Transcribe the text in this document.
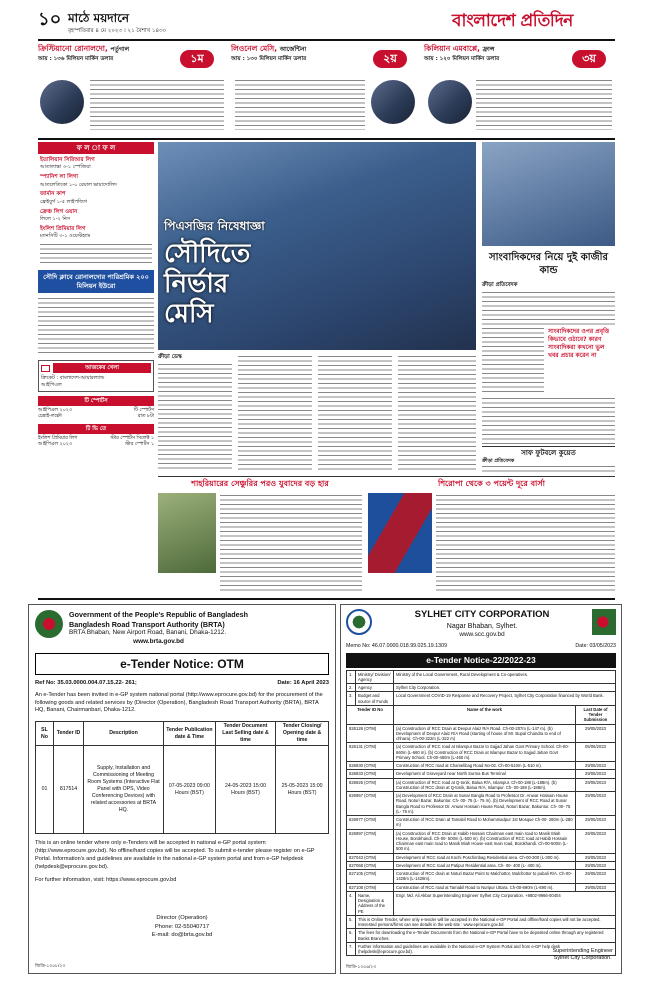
১০ মাঠে ময়দানে
বৃহস্পতিবার ৪ মে ২০২৩ । ২১ বৈশাখ ১৪৩০	বাংলাদেশ প্রতিদিন
ক্রিস্টিয়ানো রোনালদো, পর্তুগাল
আয় : ১৩৬ মিলিয়ন মার্কিন ডলার	১ম
লিওনেল মেসি, আর্জেন্টিনা
আয় : ১৩০ মিলিয়ন মার্কিন ডলার	২য়
কিলিয়ান এমবাপ্পে, ফ্রান্স
আয় : ১২০ মিলিয়ন মার্কিন ডলার	৩য়
ফ ল া ফ ল
ইতালিয়ান সিরিআর লিগ
আতালান্তা ৩-১ স্পেজিয়া
স্প্যানিশ লা লিগা
আতলেতিকো ১-০ রেয়াল ভায়াদোলিদ
জার্মান কাপ
ফ্রেইবুর্গ ১-৫ লাইপজিগ
ফ্রেঞ্চ লিগ ওয়ান
লিলে ১-২ নিস
ইংলিশ প্রিমিয়ার লিগ
ম্যানসিটি ৩-১ ওয়েস্টহ্যাম
সৌদি ক্লাবে রোনালদোর পারিশ্রমিক ২০০ মিলিয়ন ইউরো
আজকের খেলা
ক্রিকেট : বাংলাদেশ-আয়ারল্যান্ড
আইপিএল
টি স্পোর্টস
আইপিএল ২০২৩	টি স্পোর্টস
চেন্নাই-লক্ষ্ণৌ	রাত ৮টা
টি ভি তে
ইংলিশ প্রিমিয়ার লিগ	স্টার স্পোর্টস সিলেক্ট ১
আইপিএল ২০২৩	স্টার স্পোর্টস ১
পিএসজির নিষেধাজ্ঞা
সৌদিতে নির্ভার মেসি
ক্রীড়া ডেস্ক
সাংবাদিকদের নিয়ে দুই কাজীর কান্ড
ক্রীড়া প্রতিবেদক
সাংবাদিকদের ওপর প্রবৃত্তি কিভাবে ওঠাবে? কারণ সাংবাদিকরা কখনো ভুল খবর প্রচার করেন না
সাফ ফুটবলে কুয়েত
ক্রীড়া প্রতিবেদক
শাহরিয়ারের সেঞ্চুরির পরও যুবাদের বড় হার	শিরোপা থেকে ৩ পয়েন্ট দূরে বার্সা
Government of the People's Republic of Bangladesh
Bangladesh Road Transport Authority (BRTA)
BRTA Bhaban, New Airport Road, Banani, Dhaka-1212.
www.brta.gov.bd
e-Tender Notice: OTM
Ref No: 35.03.0000.004.07.15.22- 261;	Date: 16 April 2023
An e-Tender has been invited in e-GP system national portal (http://www.eprocure.gov.bd) for the procurement of the following goods and related services by (Director (Operation), Bangladesh Road Transport Authority (BRTA), BRTA HQ, Banani, Chairmanbari, Dhaka-1212.
SL No	Tender ID	Description	Tender Publication date & Time	Tender Document Last Selling date & time	Tender Closing/ Opening date & time
01	817514	Supply, Installation and Commissioning of Meeting Room Systems (Interactive Flat Panel with OPS, Video Conferencing Devices) with related accessories at BRTA HQ.	07-05-2023 09:00 Hours (BST)	24-05-2023 15:00 Hours (BST)	25-05-2023 15:00 Hours (BST)
This is an online tender where only e-Tenders will be accepted in national e-GP portal system (http://www.eprocure.gov.bd). No offline/hard copies will be accepted. To submit e-tender please register on e-GP Portal. Information's and guidelines are available in the national e-GP system portal and from e-GP helpdesk (helpdesk@eprocure.gov.bd).
For further information, visit: https://www.eprocure.gov.bd
Director (Operation)
Phone: 02-55040717
E-mail: do@brta.gov.bd
জিডি-১০৫৮/২৩
SYLHET CITY CORPORATION
Nagar Bhaban, Sylhet.
www.scc.gov.bd
Memo No: 46.07.0000.018.99.025.19.1309	Date: 03/05/2023
e-Tender Notice-22/2022-23
1.	Ministry/ Division/ Agency	Ministry of the Local Government, Rural Development & Co-operatives.	
2.	Agency	Sylhet City Corporation.	
3.	Budget and source of Funds	Local Government COVID-19 Response and Recovery Project, Sylhet City Corporation financed by World Bank.	
Tender ID No		Name of the work	Last Date of Tender Submission
826126 (OTM)		(a) Construction of RCC Drain at Devpur Alaiz R/A Road. Ch-00-207m (L-147 m). (b) Development of Devpur Alaiz R/A Road (starting of house of Mr. Bupal Chandra to end of chhara). Ch-00-322m (L-322 m)	29/05/2023
826131 (OTM)		(a) Construction of RCC road at Islampur Bazar to Sajjad Jahan Govt Primary School. Ch-00-660m (L-660 m). (b) Construction of RCC Drain at Islampur Bazar to Sajjad Jahan Govt Primary School. Ch-00-460m (L-460 m).	05/06/2023
826830 (OTM)		Construction of RCC road at Chamelibag Road No-02. Ch-00-510m (L-510 m).	29/05/2023
826833 (OTM)		Development of Graveyard near North Surma Bus Terminal	29/05/2023
826925 (OTM)		(a) Construction of RCC road at Q-tonik, Balua R/A, Islampur. Ch-00-188 (L-188m). (b) Construction of RCC drain at Q-tonik, Balua R/A, Islampur. Ch- 00-188 (L-188m).	29/05/2023
826957 (OTM)		(a) Development of RCC Drain at Sunar Bangla Road to Professor Dr. Anwar Hossain House Road, Noturi Bazar, Bakuntur. Ch- 00- 75 (L- 75 m). (b) Development of RCC Road at Sunar Bangla Road to Professor Dr. Anwar Hossain House Road, Noturi Bazar, Bakuntur. Ch- 00- 75 (L- 75 m).	29/05/2023
826977 (OTM)		Construction of RCC Drain at Tamabil Road to Mohammadpur 1st Mosque Ch-00- 280m (L-280 m)	29/05/2023
826997 (OTM)		(a) Construction of RCC Drain at Habib Hossain Chairman east main road to Manik Miah House, Borokhandi. Ch-00- 500m (L-500 m). (b) Construction of RCC road at Habib Hossain Chairman east main road to Manik Miah House east main road, Borokhandi. Ch-00-500m (L-500 m).	29/05/2023
827043 (OTM)		Development of RCC road at Kochi Poschimbag Residential area. Ch-00-300 (L-300 m).	29/05/2023
827068 (OTM)		Development of RCC road at Patipur Residential area. Ch- 00- 400 (L- 400 m).	29/05/2023
827105 (OTM)		Construction of RCC drain at Noturi Bazar Point to Malchottor, Malchottor to pubali R/A. Ch-00-1428m (L-1428m).	29/05/2023
827108 (OTM)		Construction of RCC road at Tamabil Road to Nuripur Uttara. Ch-00-690m (L-690 m).	29/05/2023
4.	Name, Designation & Address of the PE	Engr. Md. Ali Akbar Superintending Engineer Sylhet City Corporation. +8802-9966-00404	
5.	This is Online Tender, where only e-tender will be accepted in the National e-GP Portal and offline/hard copies will not be accepted. Interested persons/firms can see details in the web site : www.eprocure.gov.bd		
6.	The fees for downloading the e-Tender Documents from the National e-GP Portal have to be deposited online through any registered Banks Branches.		
7.	Further information and guidelines are available in the National e-GP System Portal and from e-GP help desk (helpdesk@eprocure.gov.bd).			Superintending Engineer
Sylhet City Corporation.
জিডি-১০৫৬/২৩
